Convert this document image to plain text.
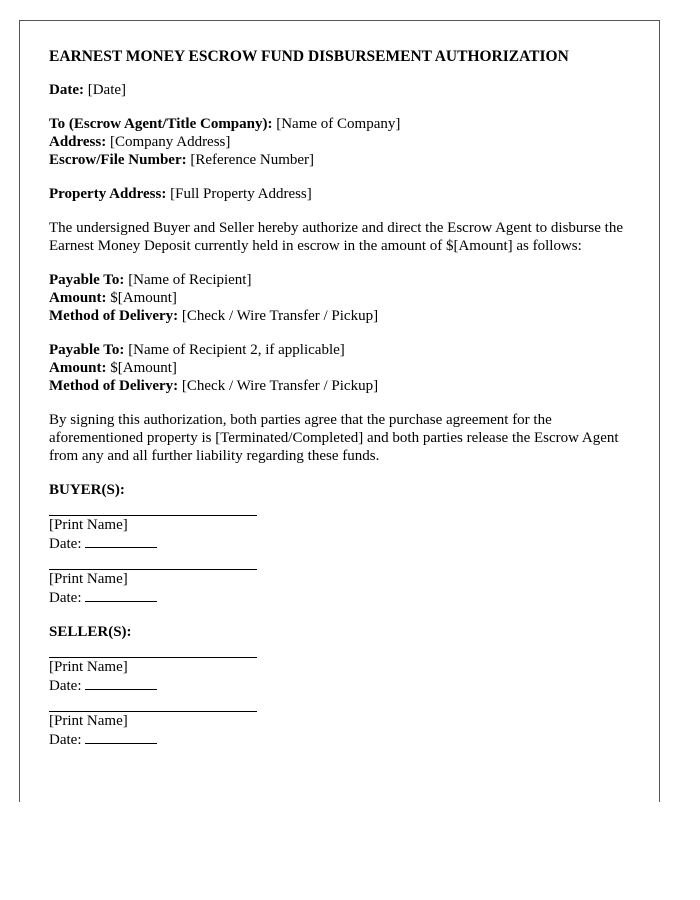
EARNEST MONEY ESCROW FUND DISBURSEMENT AUTHORIZATION
Date: [Date]
To (Escrow Agent/Title Company): [Name of Company]
Address: [Company Address]
Escrow/File Number: [Reference Number]
Property Address: [Full Property Address]
The undersigned Buyer and Seller hereby authorize and direct the Escrow Agent to disburse the Earnest Money Deposit currently held in escrow in the amount of $[Amount] as follows:
Payable To: [Name of Recipient]
Amount: $[Amount]
Method of Delivery: [Check / Wire Transfer / Pickup]
Payable To: [Name of Recipient 2, if applicable]
Amount: $[Amount]
Method of Delivery: [Check / Wire Transfer / Pickup]
By signing this authorization, both parties agree that the purchase agreement for the aforementioned property is [Terminated/Completed] and both parties release the Escrow Agent from any and all further liability regarding these funds.
BUYER(S):
[Print Name]
Date:
[Print Name]
Date:
SELLER(S):
[Print Name]
Date:
[Print Name]
Date:
